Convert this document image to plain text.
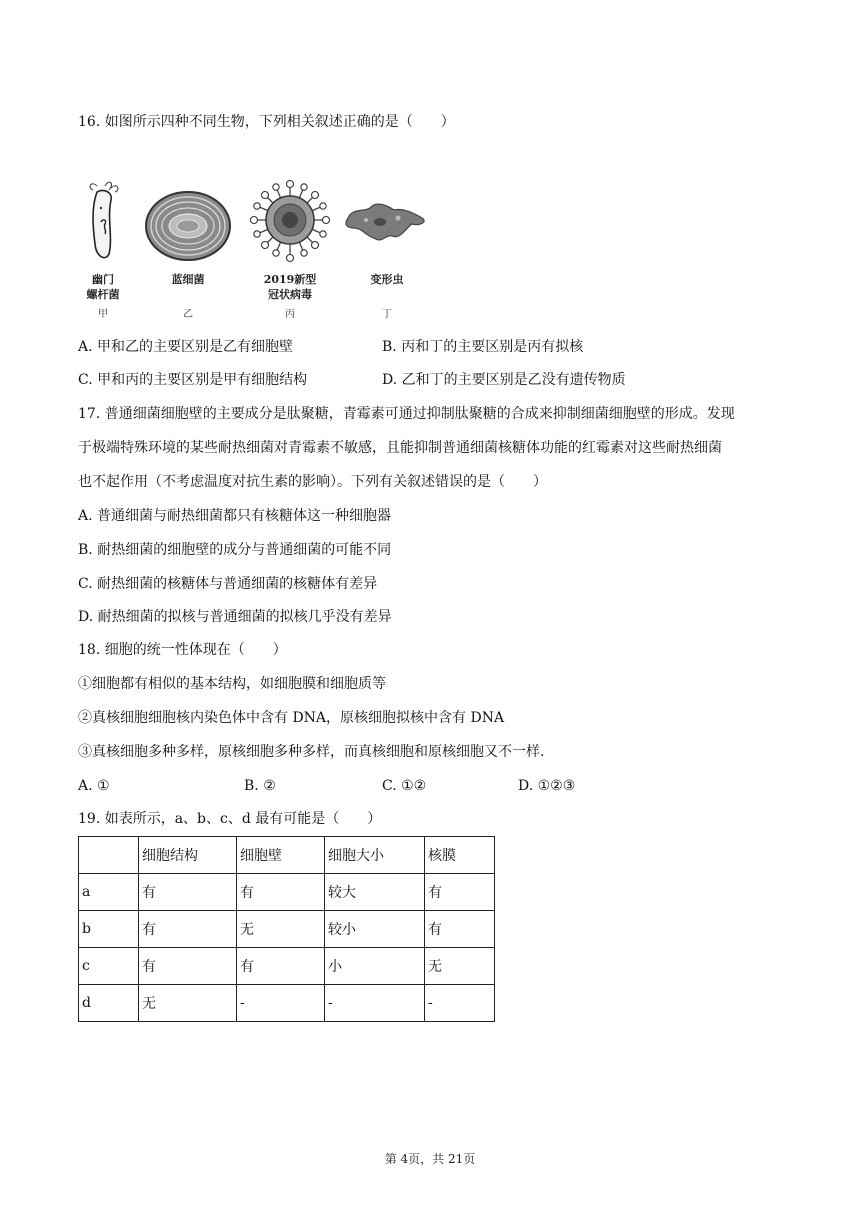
16. 如图所示四种不同生物，下列相关叙述正确的是（　　）
幽门
螺杆菌
甲
蓝细菌
乙
2019新型
冠状病毒
丙
变形虫
丁
A. 甲和乙的主要区别是乙有细胞壁	B. 丙和丁的主要区别是丙有拟核
C. 甲和丙的主要区别是甲有细胞结构	D. 乙和丁的主要区别是乙没有遗传物质
17. 普通细菌细胞壁的主要成分是肽聚糖，青霉素可通过抑制肽聚糖的合成来抑制细菌细胞壁的形成。发现
于极端特殊环境的某些耐热细菌对青霉素不敏感，且能抑制普通细菌核糖体功能的红霉素对这些耐热细菌
也不起作用（不考虑温度对抗生素的影响）。下列有关叙述错误的是（　　）
A. 普通细菌与耐热细菌都只有核糖体这一种细胞器
B. 耐热细菌的细胞壁的成分与普通细菌的可能不同
C. 耐热细菌的核糖体与普通细菌的核糖体有差异
D. 耐热细菌的拟核与普通细菌的拟核几乎没有差异
18. 细胞的统一性体现在（　　）
①细胞都有相似的基本结构，如细胞膜和细胞质等
②真核细胞细胞核内染色体中含有 DNA，原核细胞拟核中含有 DNA
③真核细胞多种多样，原核细胞多种多样，而真核细胞和原核细胞又不一样.
A. ①	B. ②	C. ①②	D. ①②③
19. 如表所示，a、b、c、d 最有可能是（　　）
	细胞结构	细胞壁	细胞大小	核膜
a	有	有	较大	有
b	有	无	较小	有
c	有	有	小	无
d	无	-	-	-
第 4页，共 21页
